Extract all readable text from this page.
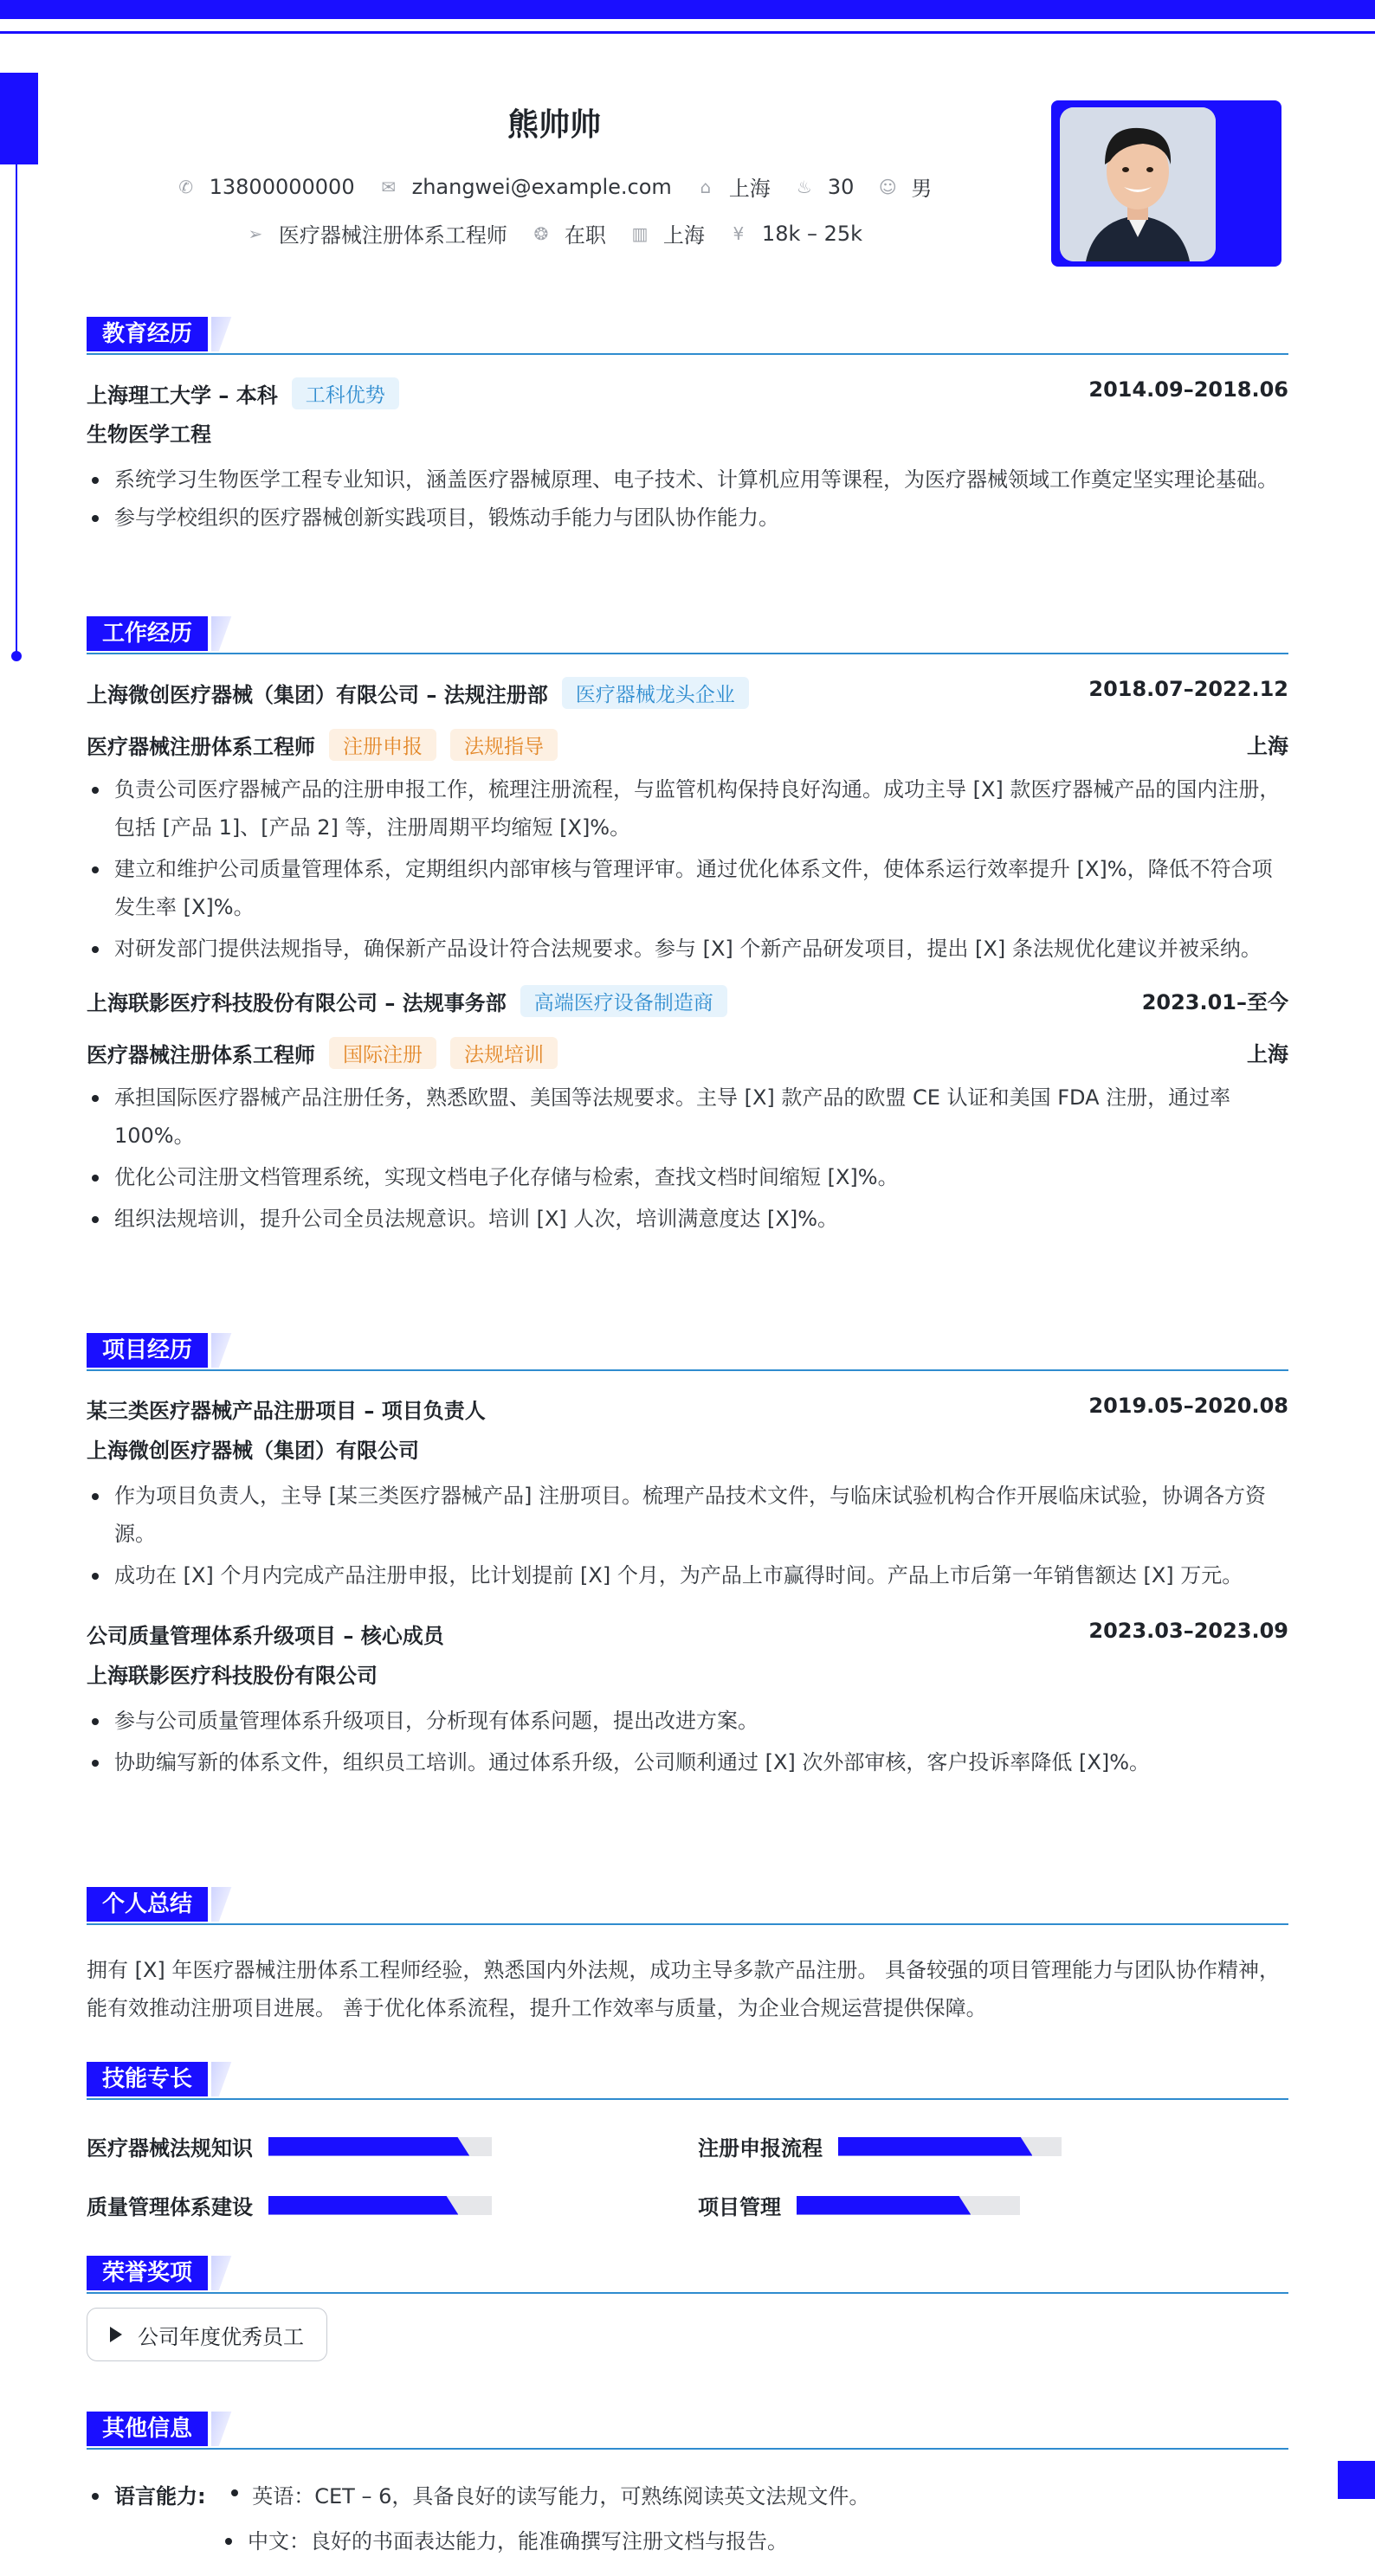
熊帅帅
✆ 13800000000 ✉ zhangwei@example.com ⌂ 上海 ♨ 30 ☺ 男
➢ 医疗器械注册体系工程师 ❂ 在职 ▥ 上海 ¥ 18k – 25k
教育经历
上海理工大学 – 本科	工科优势	2014.09–2018.06
生物医学工程
系统学习生物医学工程专业知识，涵盖医疗器械原理、电子技术、计算机应用等课程，为医疗器械领域工作奠定坚实理论基础。
参与学校组织的医疗器械创新实践项目，锻炼动手能力与团队协作能力。
工作经历
上海微创医疗器械（集团）有限公司 – 法规注册部	医疗器械龙头企业	2018.07–2022.12
医疗器械注册体系工程师	注册申报	法规指导	上海
负责公司医疗器械产品的注册申报工作，梳理注册流程，与监管机构保持良好沟通。成功主导 [X] 款医疗器械产品的国内注册，包括 [产品 1]、[产品 2] 等，注册周期平均缩短 [X]%。
建立和维护公司质量管理体系，定期组织内部审核与管理评审。通过优化体系文件，使体系运行效率提升 [X]%，降低不符合项发生率 [X]%。
对研发部门提供法规指导，确保新产品设计符合法规要求。参与 [X] 个新产品研发项目，提出 [X] 条法规优化建议并被采纳。
上海联影医疗科技股份有限公司 – 法规事务部	高端医疗设备制造商	2023.01–至今
医疗器械注册体系工程师	国际注册	法规培训	上海
承担国际医疗器械产品注册任务，熟悉欧盟、美国等法规要求。主导 [X] 款产品的欧盟 CE 认证和美国 FDA 注册，通过率 100%。
优化公司注册文档管理系统，实现文档电子化存储与检索，查找文档时间缩短 [X]%。
组织法规培训，提升公司全员法规意识。培训 [X] 人次，培训满意度达 [X]%。
项目经历
某三类医疗器械产品注册项目 – 项目负责人	2019.05–2020.08
上海微创医疗器械（集团）有限公司
作为项目负责人，主导 [某三类医疗器械产品] 注册项目。梳理产品技术文件，与临床试验机构合作开展临床试验，协调各方资源。
成功在 [X] 个月内完成产品注册申报，比计划提前 [X] 个月，为产品上市赢得时间。产品上市后第一年销售额达 [X] 万元。
公司质量管理体系升级项目 – 核心成员	2023.03–2023.09
上海联影医疗科技股份有限公司
参与公司质量管理体系升级项目，分析现有体系问题，提出改进方案。
协助编写新的体系文件，组织员工培训。通过体系升级，公司顺利通过 [X] 次外部审核，客户投诉率降低 [X]%。
个人总结
拥有 [X] 年医疗器械注册体系工程师经验，熟悉国内外法规，成功主导多款产品注册。 具备较强的项目管理能力与团队协作精神，能有效推动注册项目进展。 善于优化体系流程，提升工作效率与质量，为企业合规运营提供保障。
技能专长
医疗器械法规知识	注册申报流程
质量管理体系建设	项目管理
荣誉奖项
公司年度优秀员工
其他信息
语言能力: 英语：CET – 6，具备良好的读写能力，可熟练阅读英文法规文件。
中文：良好的书面表达能力，能准确撰写注册文档与报告。
